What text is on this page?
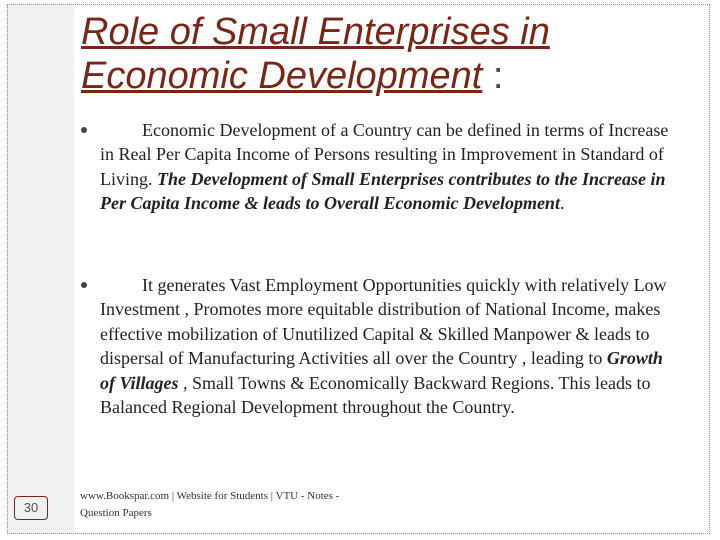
Role of Small Enterprises in
Economic Development :
Economic Development of a Country can be defined in terms of Increase in Real Per Capita Income of Persons resulting in Improvement in Standard of Living. The Development of Small Enterprises contributes to the Increase in Per Capita Income & leads to Overall Economic Development.
It generates Vast Employment Opportunities quickly with relatively Low Investment , Promotes more equitable distribution of National Income, makes effective mobilization of Unutilized Capital & Skilled Manpower & leads to dispersal of Manufacturing Activities all over the Country , leading to Growth of Villages , Small Towns & Economically Backward Regions. This leads to Balanced Regional Development throughout the Country.
www.Bookspar.com | Website for Students | VTU - Notes - Question Papers
30
